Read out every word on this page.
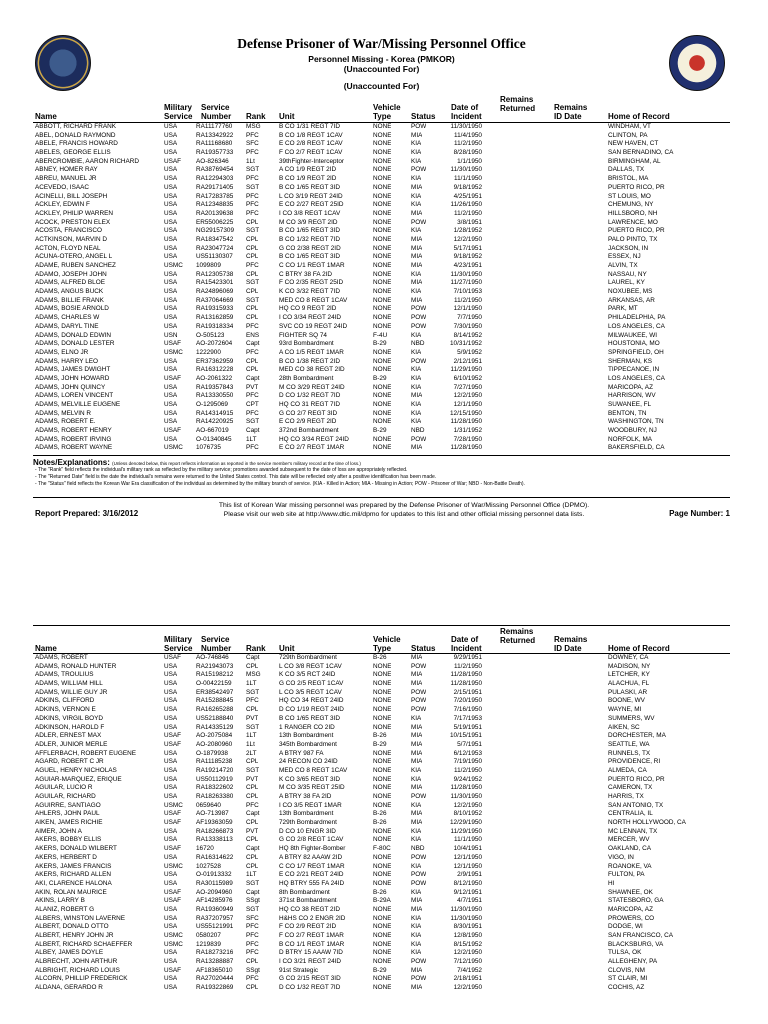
Defense Prisoner of War/Missing Personnel Office
Personnel Missing - Korea (PMKOR)
(Unaccounted For)
(Unaccounted For)
Name
Military Service
Service Number	Rank Unit
Vehicle Type	Status
Date of Incident
Remains Returned	Remains ID Date	Home of Record
ABBOTT, RICHARD FRANK	USA	RA11177760 MSG	B CO 1/31 REGT 7ID	NONE	POW	11/30/1950	WINDHAM, VT
ABEL, DONALD RAYMOND	USA	RA13342922 PFC	B CO 1/8 REGT 1CAV	NONE	MIA	11/4/1950	CLINTON, PA
ABELE, FRANCIS HOWARD	USA	RA11168680 SFC	E CO 2/8 REGT 1CAV	NONE	KIA	11/2/1950	NEW HAVEN, CT
ABELES, GEORGE ELLIS	USA	RA19357733 PFC	F CO 2/7 REGT 1CAV	NONE	KIA	8/28/1950	SAN BERNADINO, CA
ABERCROMBIE, AARON RICHARD	USAF AO-826346	1Lt	39thFighter-Interceptor	NONE	KIA	1/1/1950	BIRMINGHAM, AL
ABNEY, HOMER RAY	USA	RA38769454 SGT	A CO 1/9 REGT 2ID	NONE	POW	11/30/1950	DALLAS, TX
ABREU, MANUEL JR	USA	RA12294303 PFC	B CO 1/9 REGT 2ID	NONE	KIA	11/1/1950	BRISTOL, MA
ACEVEDO, ISAAC	USA	RA29171405 SGT	B CO 1/65 REGT 3ID	NONE	MIA	9/18/1952	PUERTO RICO, PR
ACINELLI, BILL JOSEPH	USA	RA17283785 PFC	L CO 3/19 REGT 24ID	NONE	KIA	4/25/1951	ST LOUIS, MO
ACKLEY, EDWIN F	USA	RA12348835 PFC	E CO 2/27 REGT 25ID	NONE	KIA	11/26/1950	CHEMUNG, NY
ACKLEY, PHILIP WARREN	USA	RA20139638 PFC	I CO 3/8 REGT 1CAV	NONE	MIA	11/2/1950	HILLSBORO, NH
ACOCK, PRESTON ELEX	USA	ER55006225 CPL	M CO 3/9 REGT 2ID	NONE	POW	3/8/1951	LAWRENCE, MO
ACOSTA, FRANCISCO	USA	NG29157309 SGT	B CO 1/65 REGT 3ID	NONE	KIA	1/28/1952	PUERTO RICO, PR
ACTKINSON, MARVIN D	USA	RA18347542 CPL	B CO 1/32 REGT 7ID	NONE	MIA	12/2/1950	PALO PINTO, TX
ACTON, FLOYD NEAL	USA	RA23047724 CPL	G CO 2/38 REGT 2ID	NONE	MIA	5/17/1951	JACKSON, IN
ACUNA-OTERO, ANGEL L	USA	US51130307 CPL	B CO 1/65 REGT 3ID	NONE	MIA	9/18/1952	ESSEX, NJ
ADAME, RUBEN SANCHEZ	USMC 1099809	PFC	C CO 1/1 REGT 1MAR	NONE	MIA	4/23/1951	ALVIN, TX
ADAMO, JOSEPH JOHN	USA	RA12305738 CPL	C BTRY 38 FA 2ID	NONE	KIA	11/30/1950	NASSAU, NY
ADAMS, ALFRED BLOE	USA	RA15423301 SGT	F CO 2/35 REGT 25ID	NONE	MIA	11/27/1950	LAUREL, KY
ADAMS, ANGUS BUCK	USA	RA24896069 CPL	K CO 3/32 REGT 7ID	NONE	KIA	7/10/1953	NOXUBEE, MS
ADAMS, BILLIE FRANK	USA	RA37064669 SGT	MED CO 8 REGT 1CAV	NONE	MIA	11/2/1950	ARKANSAS, AR
ADAMS, BOSIE ARNOLD	USA	RA19315933 CPL	HQ CO 9 REGT 2ID	NONE	POW	12/1/1950	PARK, MT
ADAMS, CHARLES W	USA	RA13162859 CPL	I CO 3/34 REGT 24ID	NONE	POW	7/7/1950	PHILADELPHIA, PA
ADAMS, DARYL TINE	USA	RA19318334 PFC	SVC CO 19 REGT 24ID	NONE	POW	7/30/1950	LOS ANGELES, CA
ADAMS, DONALD EDWIN	USN	O-505123	ENS	FIGHTER SQ 74	F-4U	KIA	8/14/1952	MILWAUKEE, WI
ADAMS, DONALD LESTER	USAF AO-2072604 Capt	93rd Bombardment	B-29	NBD	10/31/1952	HOUSTONIA, MO
ADAMS, ELNO JR	USMC 1222900	PFC	A CO 1/5 REGT 1MAR	NONE	KIA	5/9/1952	SPRINGFIELD, OH
ADAMS, HARRY LEO	USA	ER37362959 CPL	B CO 1/38 REGT 2ID	NONE	POW	2/12/1951	SHERMAN, KS
ADAMS, JAMES DWIGHT	USA	RA16312228 CPL	MED CO 38 REGT 2ID	NONE	KIA	11/29/1950	TIPPECANOE, IN
ADAMS, JOHN HOWARD	USAF AO-2061322 Capt	28th Bombardment	B-29	KIA	6/10/1952	LOS ANGELES, CA
ADAMS, JOHN QUINCY	USA	RA19357843 PVT	M CO 3/29 REGT 24ID	NONE	KIA	7/27/1950	MARICOPA, AZ
ADAMS, LOREN VINCENT	USA	RA13330550 PFC	D CO 1/32 REGT 7ID	NONE	MIA	12/2/1950	HARRISON, WV
ADAMS, MELVILLE EUGENE	USA	O-1295069	CPT	HQ CO 31 REGT 7ID	NONE	KIA	12/1/1950	SUWANEE, FL
ADAMS, MELVIN R	USA	RA14314915 PFC	G CO 2/7 REGT 3ID	NONE	KIA	12/15/1950	BENTON, TN
ADAMS, ROBERT E.	USA	RA14220925 SGT	E CO 2/9 REGT 2ID	NONE	KIA	11/28/1950	WASHINGTON, TN
ADAMS, ROBERT HENRY	USAF AO-667019	Capt	372nd Bombardment	B-29	NBD	1/31/1952	WOODBURY, NJ
ADAMS, ROBERT IRVING	USA	O-01340845 1LT	HQ CO 3/34 REGT 24ID	NONE	POW	7/28/1950	NORFOLK, MA
ADAMS, ROBERT WAYNE	USMC 1076735	PFC	E CO 2/7 REGT 1MAR	NONE	MIA	11/28/1950	BAKERSFIELD, CA
Notes/Explanations: (Unless denoted below, this report reflects information as reported in the service member's military record at the time of loss.)
- The "Rank" field reflects the individual's military rank as reflected by the military service; promotions awarded subsequent to the date of loss are appropriately reflected.
- The "Returned Date" field is the date the individual's remains were returned to the United States control. This date will be reflected only after a positive identification has been made.
- The "Status" field reflects the Korean War Era classification of the individual as determined by the military branch of service. (KIA - Killed in Action; MIA - Missing in Action; POW - Prisoner of War; NBD - Non-Battle Death).
Report Prepared: 3/16/2012
This list of Korean War missing personnel was prepared by the Defense Prisoner of War/Missing Personnel Office (DPMO).
Please visit our web site at http://www.dtic.mil/dpmo for updates to this list and other official missing personnel data lists.	Page Number: 1
Name
Military Service
Service Number	Rank Unit
Vehicle Type	Status
Date of Incident
Remains Returned	Remains ID Date	Home of Record
ADAMS, ROBERT	USAF AO-746846	Capt	729th Bombardment	B-26	MIA	9/29/1951	DOWNEY, CA
ADAMS, RONALD HUNTER	USA	RA21943073 CPL	L CO 3/8 REGT 1CAV	NONE	POW	11/2/1950	MADISON, NY
ADAMS, TROULIUS	USA	RA15198212 MSG	K CO 3/5 RCT 24ID	NONE	MIA	11/28/1950	LETCHER, KY
ADAMS, WILLIAM HILL	USA	O-00422159 1LT	G CO 2/5 REGT 1CAV	NONE	MIA	11/28/1950	ALACHUA, FL
ADAMS, WILLIE GUY JR	USA	ER38542497 SGT	L CO 3/5 REGT 1CAV	NONE	POW	2/15/1951	PULASKI, AR
ADKINS, CLIFFORD	USA	RA15288845 PFC	HQ CO 34 REGT 24ID	NONE	POW	7/20/1950	BOONE, WV
ADKINS, VERNON E	USA	RA16265288 CPL	D CO 1/19 REGT 24ID	NONE	POW	7/16/1950	WAYNE, MI
ADKINS, VIRGIL BOYD	USA	US52188840 PVT	B CO 1/65 REGT 3ID	NONE	KIA	7/17/1953	SUMMERS, WV
ADKINSON, HAROLD F	USA	RA14335129 SGT	1 RANGER CO 2ID	NONE	MIA	5/19/1951	AIKEN, SC
ADLER, ERNEST MAX	USAF AO-2075084 1LT	13th Bombardment	B-26	MIA	10/15/1951	DORCHESTER, MA
ADLER, JUNIOR MERLE	USAF AO-2080960 1Lt	345th Bombardment	B-29	MIA	5/7/1951	SEATTLE, WA
AFFLERBACH, ROBERT EUGENE	USA	O-1879938	2LT	A BTRY 987 FA	NONE	MIA	6/12/1953	RUNNELS, TX
AGARD, ROBERT C JR	USA	RA11185238 CPL	24 RECON CO 24ID	NONE	MIA	7/19/1950	PROVIDENCE, RI
AGUEL, HENRY NICHOLAS	USA	RA19214720 SGT	MED CO 8 REGT 1CAV	NONE	KIA	11/2/1950	ALMEDA, CA
AGUIAR-MARQUEZ, ERIQUE	USA	US50112919 PVT	K CO 3/65 REGT 3ID	NONE	KIA	9/24/1952	PUERTO RICO, PR
AGUILAR, LUCIO R	USA	RA18322602 CPL	M CO 3/35 REGT 25ID	NONE	MIA	11/28/1950	CAMERON, TX
AGUILAR, RICHARD	USA	RA18263380 CPL	A BTRY 38 FA 2ID	NONE	POW	11/30/1950	HARRIS, TX
AGUIRRE, SANTIAGO	USMC 0659640	PFC	I CO 3/5 REGT 1MAR	NONE	KIA	12/2/1950	SAN ANTONIO, TX
AHLERS, JOHN PAUL	USAF AO-713987	Capt	13th Bombardment	B-26	MIA	8/10/1952	CENTRALIA, IL
AIKEN, JAMES RICHIE	USAF AF19363059 CPL	729th Bombardment	B-26	MIA	12/29/1950	NORTH HOLLYWOOD, CA
AIMER, JOHN A	USA	RA18266873 PVT	D CO 10 ENGR 3ID	NONE	KIA	11/29/1950	MC LENNAN, TX
AKERS, BOBBY ELLIS	USA	RA13338113 CPL	G CO 2/8 REGT 1CAV	NONE	KIA	11/1/1950	MERCER, WV
AKERS, DONALD WILBERT	USAF 16720	Capt	HQ 8th Fighter-Bomber	F-80C	NBD	10/4/1951	OAKLAND, CA
AKERS, HERBERT D	USA	RA16314622 CPL	A BTRY 82 AAAW 2ID	NONE	POW	12/1/1950	VIGO, IN
AKERS, JAMES FRANCIS	USMC 1027528	CPL	C CO 1/7 REGT 1MAR	NONE	KIA	12/1/1950	ROANOKE, VA
AKERS, RICHARD ALLEN	USA	O-01913332 1LT	E CO 2/21 REGT 24ID	NONE	POW	2/9/1951	FULTON, PA
AKI, CLARENCE HALONA	USA	RA30115989 SGT	HQ BTRY 555 FA 24ID	NONE	POW	8/12/1950	HI
AKIN, ROLAN MAURICE	USAF AO-2094960 Capt	8th Bombardment	B-26	KIA	9/12/1951	SHAWNEE, OK
AKINS, LARRY B	USAF AF14285976 SSgt	371st Bombardment	B-29A	MIA	4/7/1951	STATESBORO, GA
ALANIZ, ROBERT G	USA	RA19360949 SGT	HQ CO 38 REGT 2ID	NONE	MIA	11/30/1950	MARICOPA, AZ
ALBERS, WINSTON LAVERNE	USA	RA37207957 SFC	H&HS CO 2 ENGR 2ID	NONE	KIA	11/30/1950	PROWERS, CO
ALBERT, DONALD OTTO	USA	US55121991 PFC	F CO 2/9 REGT 2ID	NONE	KIA	8/30/1951	DODGE, WI
ALBERT, HENRY JOHN JR	USMC 0580207	PFC	F CO 2/7 REGT 1MAR	NONE	KIA	12/8/1950	SAN FRANCISCO, CA
ALBERT, RICHARD SCHAEFFER	USMC 1219839	PFC	B CO 1/1 REGT 1MAR	NONE	KIA	8/15/1952	BLACKSBURG, VA
ALBEY, JAMES DOYLE	USA	RA18273216 PFC	D BTRY 15 AAAW 7ID	NONE	KIA	12/2/1950	TULSA, OK
ALBRECHT, JOHN ARTHUR	USA	RA13288887 CPL	I CO 3/21 REGT 24ID	NONE	POW	7/12/1950	ALLEGHENY, PA
ALBRIGHT, RICHARD LOUIS	USAF AF18365010 SSgt	91st Strategic	B-29	MIA	7/4/1952	CLOVIS, NM
ALCORN, PHILLIP FREDERICK	USA	RA27020444 PFC	G CO 2/15 REGT 3ID	NONE	POW	2/18/1951	ST CLAIR, MI
ALDANA, GERARDO R	USA	RA19322869 CPL	D CO 1/32 REGT 7ID	NONE	MIA	12/2/1950	COCHIS, AZ
